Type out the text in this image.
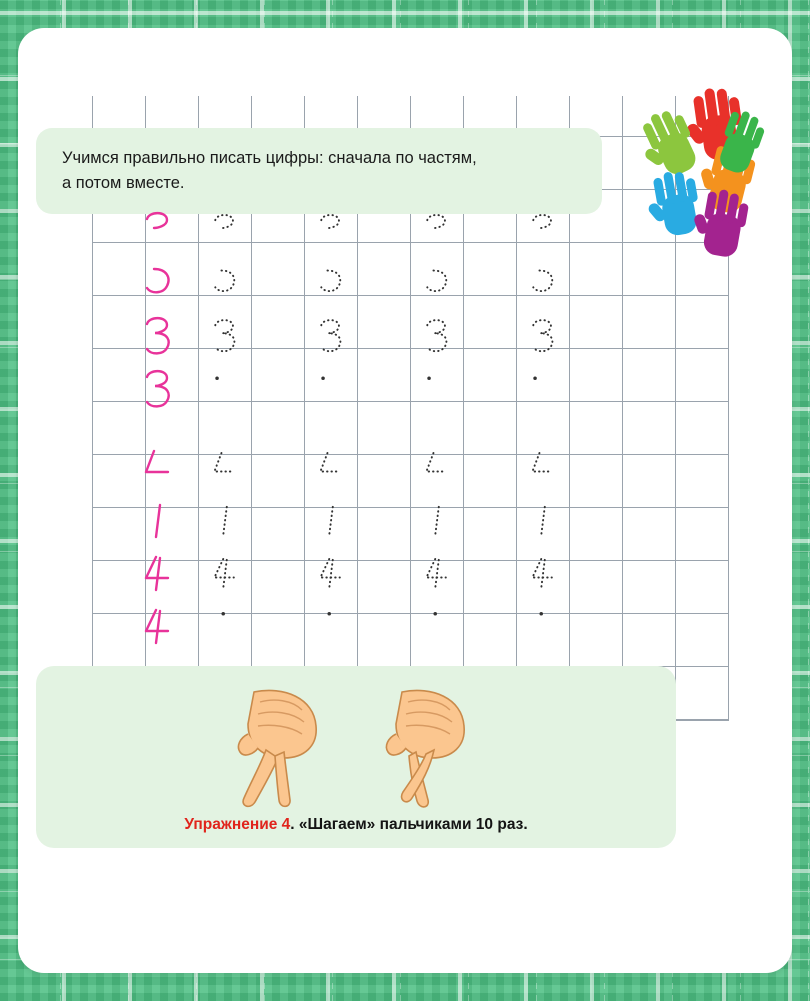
Учимся правильно писать цифры: сначала по частям,
а потом вместе.
Упражнение 4. «Шагаем» пальчиками 10 раз.
